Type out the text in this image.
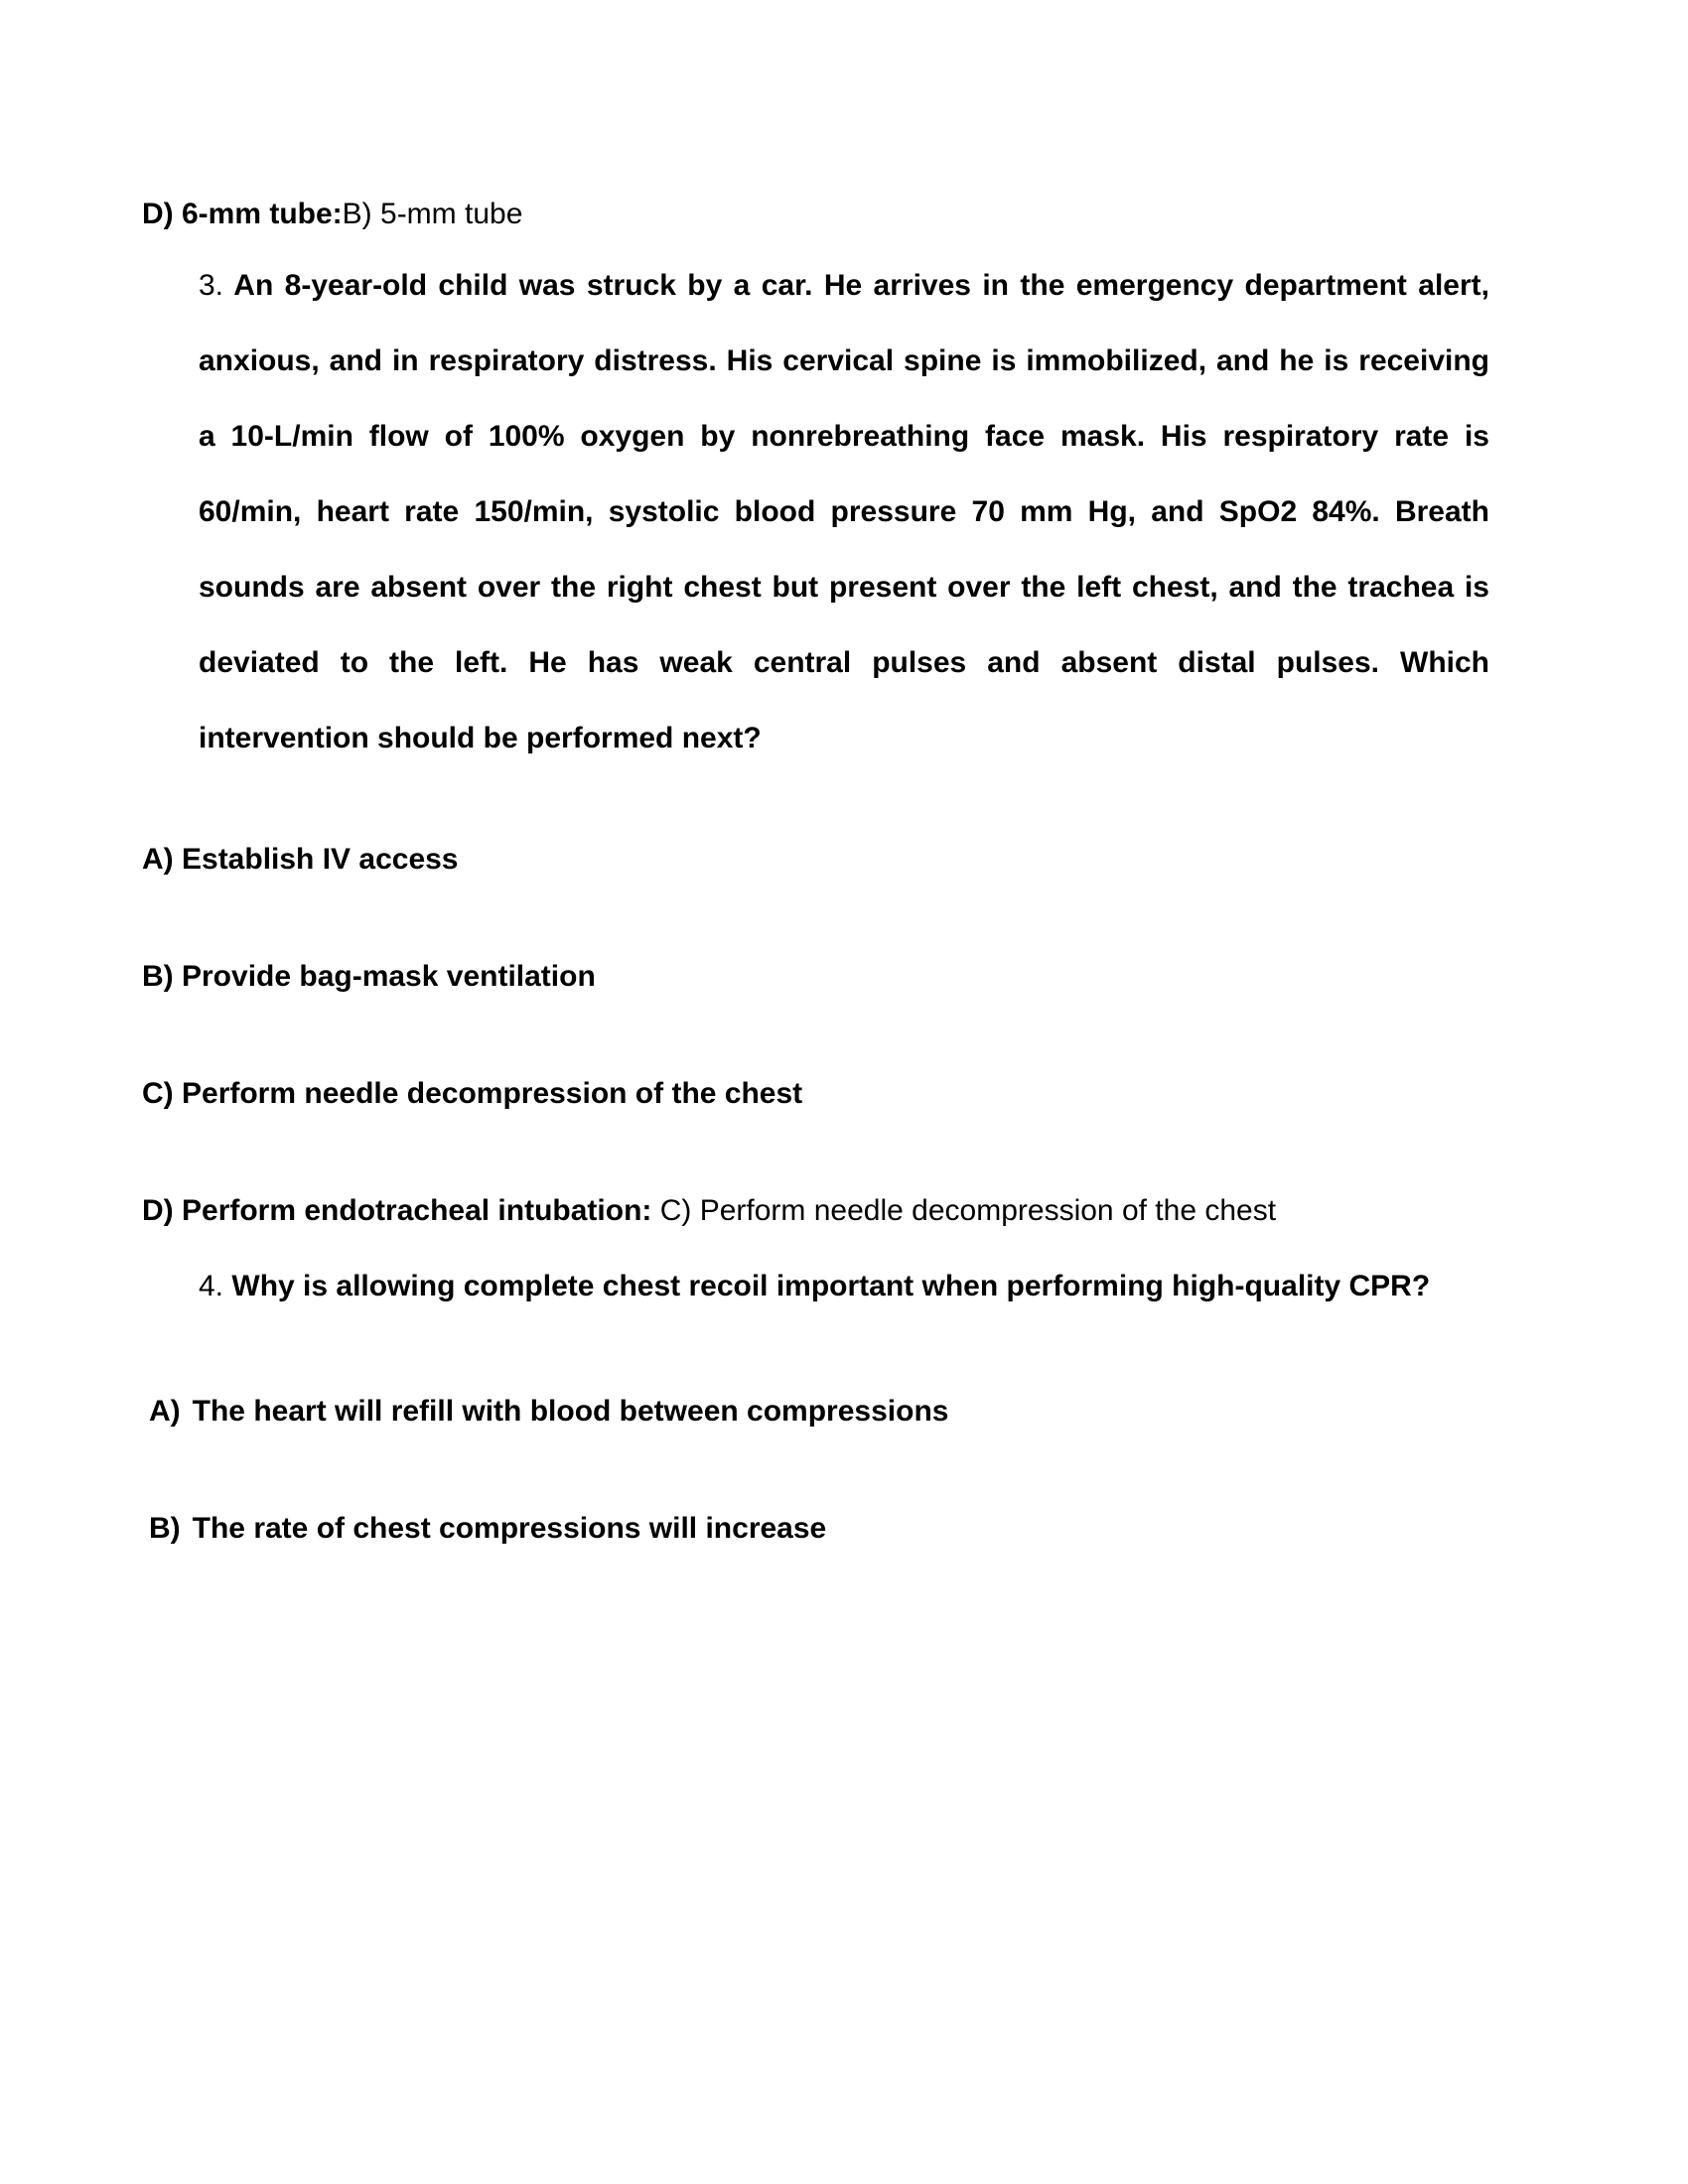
D) 6-mm tube:B) 5-mm tube

3. An 8-year-old child was struck by a car. He arrives in the emergency department alert, anxious, and in respiratory distress. His cervical spine is immobilized, and he is receiving a 10-L/min flow of 100% oxygen by nonrebreathing face mask. His respiratory rate is 60/min, heart rate 150/min, systolic blood pressure 70 mm Hg, and SpO2 84%. Breath sounds are absent over the right chest but present over the left chest, and the trachea is deviated to the left. He has weak central pulses and absent distal pulses. Which intervention should be performed next?

A) Establish IV access

B) Provide bag-mask ventilation

C) Perform needle decompression of the chest

D) Perform endotracheal intubation: C) Perform needle decompression of the chest

4. Why is allowing complete chest recoil important when performing high-quality CPR?

A) The heart will refill with blood between compressions
B) The rate of chest compressions will increase
